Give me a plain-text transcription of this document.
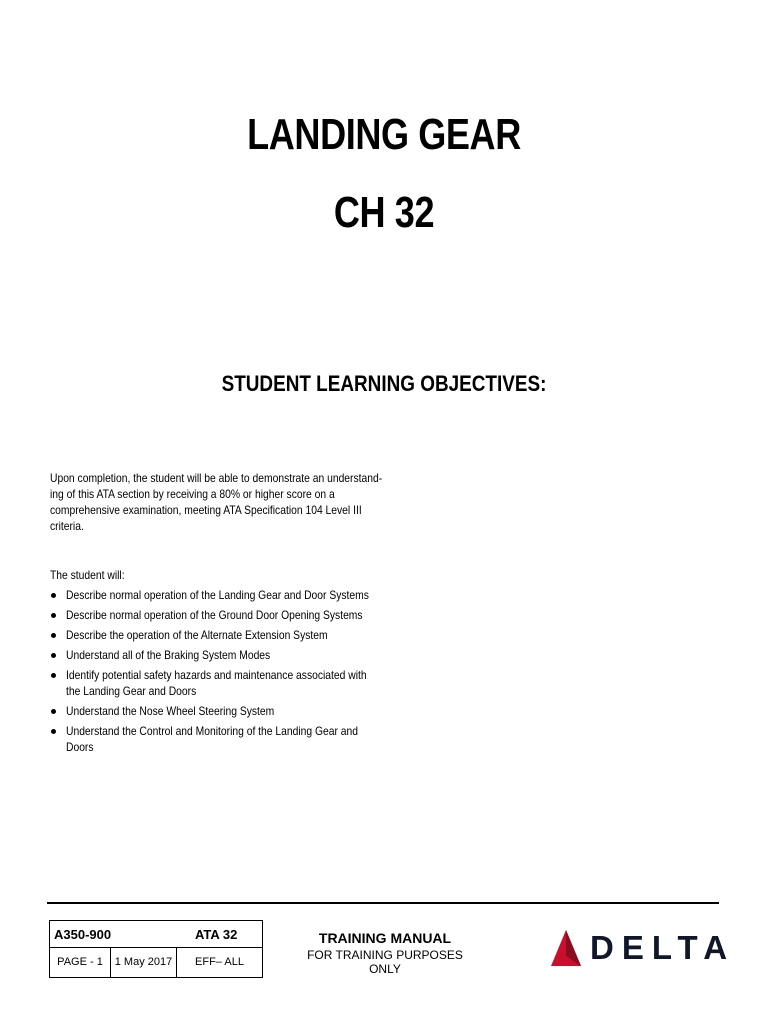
LANDING GEAR
CH 32
STUDENT LEARNING OBJECTIVES:
Upon completion, the student will be able to demonstrate an understand-
ing of this ATA section by receiving a 80% or higher score on a
comprehensive examination, meeting ATA Specification 104 Level III
criteria.
The student will:
Describe normal operation of the Landing Gear and Door Systems
Describe normal operation of the Ground Door Opening Systems
Describe the operation of the Alternate Extension System
Understand all of the Braking System Modes
Identify potential safety hazards and maintenance associated with
the Landing Gear and Doors
Understand the Nose Wheel Steering System
Understand the Control and Monitoring of the Landing Gear and
Doors
A350-900	ATA 32
PAGE - 1	1 May 2017	EFF– ALL
TRAINING MANUAL
FOR TRAINING PURPOSES ONLY
DELTA
